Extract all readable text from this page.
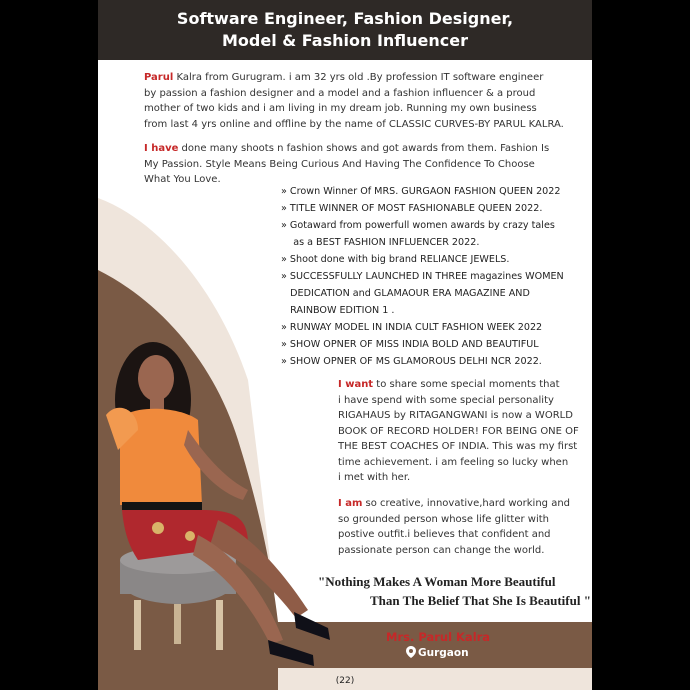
Software Engineer, Fashion Designer,
Model & Fashion Influencer
Parul Kalra from Gurugram. i am 32 yrs old .By profession IT software engineer
by passion a fashion designer and a model and a fashion influencer & a proud
mother of two kids and i am living in my dream job. Running my own business
from last 4 yrs online and offline by the name of CLASSIC CURVES-BY PARUL KALRA.
I have done many shoots n fashion shows and got awards from them. Fashion Is
My Passion. Style Means Being Curious And Having The Confidence To Choose
What You Love.
» Crown Winner Of MRS. GURGAON FASHION QUEEN 2022
» TITLE WINNER OF MOST FASHIONABLE QUEEN 2022.
» Gotaward from powerfull women awards by crazy tales
as a BEST FASHION INFLUENCER 2022.
» Shoot done with big brand RELIANCE JEWELS.
» SUCCESSFULLY LAUNCHED IN THREE magazines WOMEN
DEDICATION and GLAMAOUR ERA MAGAZINE AND
RAINBOW EDITION 1 .
» RUNWAY MODEL IN INDIA CULT FASHION WEEK 2022
» SHOW OPNER OF MISS INDIA BOLD AND BEAUTIFUL
» SHOW OPNER OF MS GLAMOROUS DELHI NCR 2022.
I want to share some special moments that
i have spend with some special personality
RIGAHAUS by RITAGANGWANI is now a WORLD
BOOK OF RECORD HOLDER! FOR BEING ONE OF
THE BEST COACHES OF INDIA. This was my first
time achievement. i am feeling so lucky when
i met with her.
I am so creative, innovative,hard working and
so grounded person whose life glitter with
postive outfit.i believes that confident and
passionate person can change the world.
"Nothing Makes A Woman More Beautiful
Than The Belief That She Is Beautiful "
Mrs. Parul Kalra
Gurgaon
(22)
